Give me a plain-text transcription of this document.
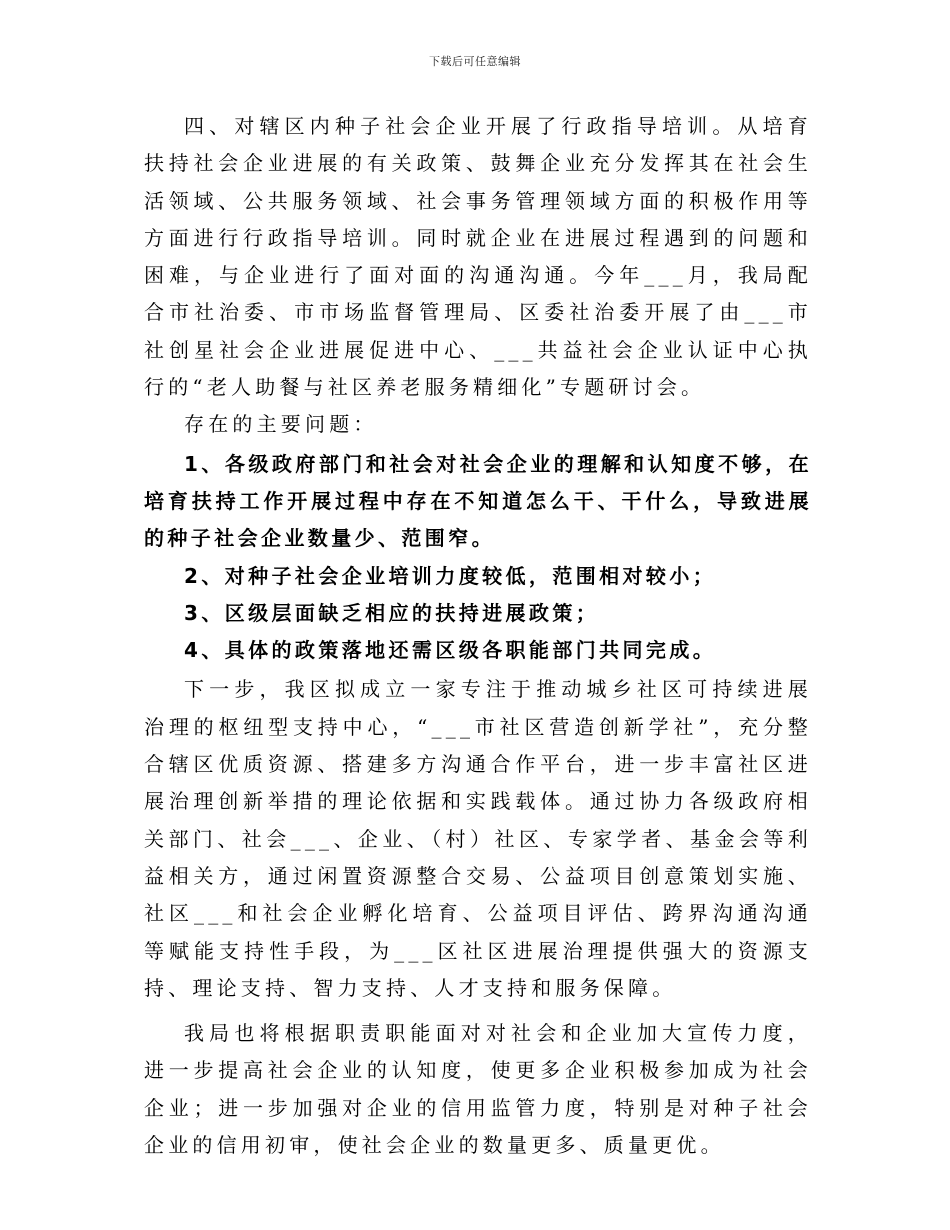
下载后可任意编辑

四、对辖区内种子社会企业开展了行政指导培训。从培育扶持社会企业进展的有关政策、鼓舞企业充分发挥其在社会生活领域、公共服务领域、社会事务管理领域方面的积极作用等方面进行行政指导培训。同时就企业在进展过程遇到的问题和困难，与企业进行了面对面的沟通沟通。今年___月，我局配合市社治委、市市场监督管理局、区委社治委开展了由___市社创星社会企业进展促进中心、___共益社会企业认证中心执行的“老人助餐与社区养老服务精细化”专题研讨会。

存在的主要问题：

1、各级政府部门和社会对社会企业的理解和认知度不够，在培育扶持工作开展过程中存在不知道怎么干、干什么，导致进展的种子社会企业数量少、范围窄。

2、对种子社会企业培训力度较低，范围相对较小；

3、区级层面缺乏相应的扶持进展政策；

4、具体的政策落地还需区级各职能部门共同完成。

下一步，我区拟成立一家专注于推动城乡社区可持续进展治理的枢纽型支持中心，“___市社区营造创新学社”，充分整合辖区优质资源、搭建多方沟通合作平台，进一步丰富社区进展治理创新举措的理论依据和实践载体。通过协力各级政府相关部门、社会___、企业、（村）社区、专家学者、基金会等利益相关方，通过闲置资源整合交易、公益项目创意策划实施、社区___和社会企业孵化培育、公益项目评估、跨界沟通沟通等赋能支持性手段，为___区社区进展治理提供强大的资源支持、理论支持、智力支持、人才支持和服务保障。

我局也将根据职责职能面对对社会和企业加大宣传力度，进一步提高社会企业的认知度，使更多企业积极参加成为社会企业；进一步加强对企业的信用监管力度，特别是对种子社会企业的信用初审，使社会企业的数量更多、质量更优。
